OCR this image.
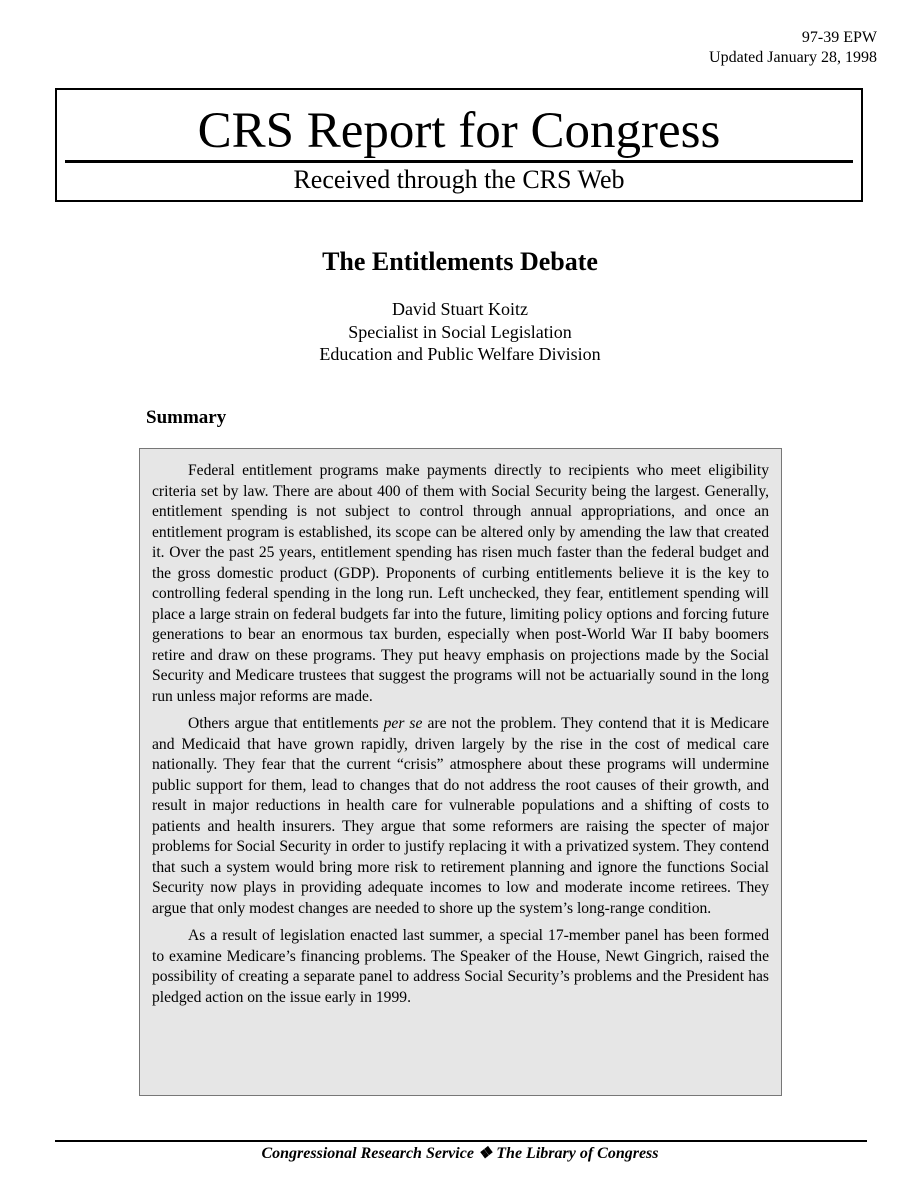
97-39 EPW
Updated January 28, 1998
CRS Report for Congress
Received through the CRS Web
The Entitlements Debate
David Stuart Koitz
Specialist in Social Legislation
Education and Public Welfare Division
Summary

Federal entitlement programs make payments directly to recipients who meet eligibility criteria set by law. There are about 400 of them with Social Security being the largest. Generally, entitlement spending is not subject to control through annual appropriations, and once an entitlement program is established, its scope can be altered only by amending the law that created it. Over the past 25 years, entitlement spending has risen much faster than the federal budget and the gross domestic product (GDP). Proponents of curbing entitlements believe it is the key to controlling federal spending in the long run. Left unchecked, they fear, entitlement spending will place a large strain on federal budgets far into the future, limiting policy options and forcing future generations to bear an enormous tax burden, especially when post-World War II baby boomers retire and draw on these programs. They put heavy emphasis on projections made by the Social Security and Medicare trustees that suggest the programs will not be actuarially sound in the long run unless major reforms are made.

Others argue that entitlements per se are not the problem. They contend that it is Medicare and Medicaid that have grown rapidly, driven largely by the rise in the cost of medical care nationally. They fear that the current “crisis” atmosphere about these programs will undermine public support for them, lead to changes that do not address the root causes of their growth, and result in major reductions in health care for vulnerable populations and a shifting of costs to patients and health insurers. They argue that some reformers are raising the specter of major problems for Social Security in order to justify replacing it with a privatized system. They contend that such a system would bring more risk to retirement planning and ignore the functions Social Security now plays in providing adequate incomes to low and moderate income retirees. They argue that only modest changes are needed to shore up the system’s long-range condition.

As a result of legislation enacted last summer, a special 17-member panel has been formed to examine Medicare’s financing problems. The Speaker of the House, Newt Gingrich, raised the possibility of creating a separate panel to address Social Security’s problems and the President has pledged action on the issue early in 1999.

Congressional Research Service ❖ The Library of Congress
